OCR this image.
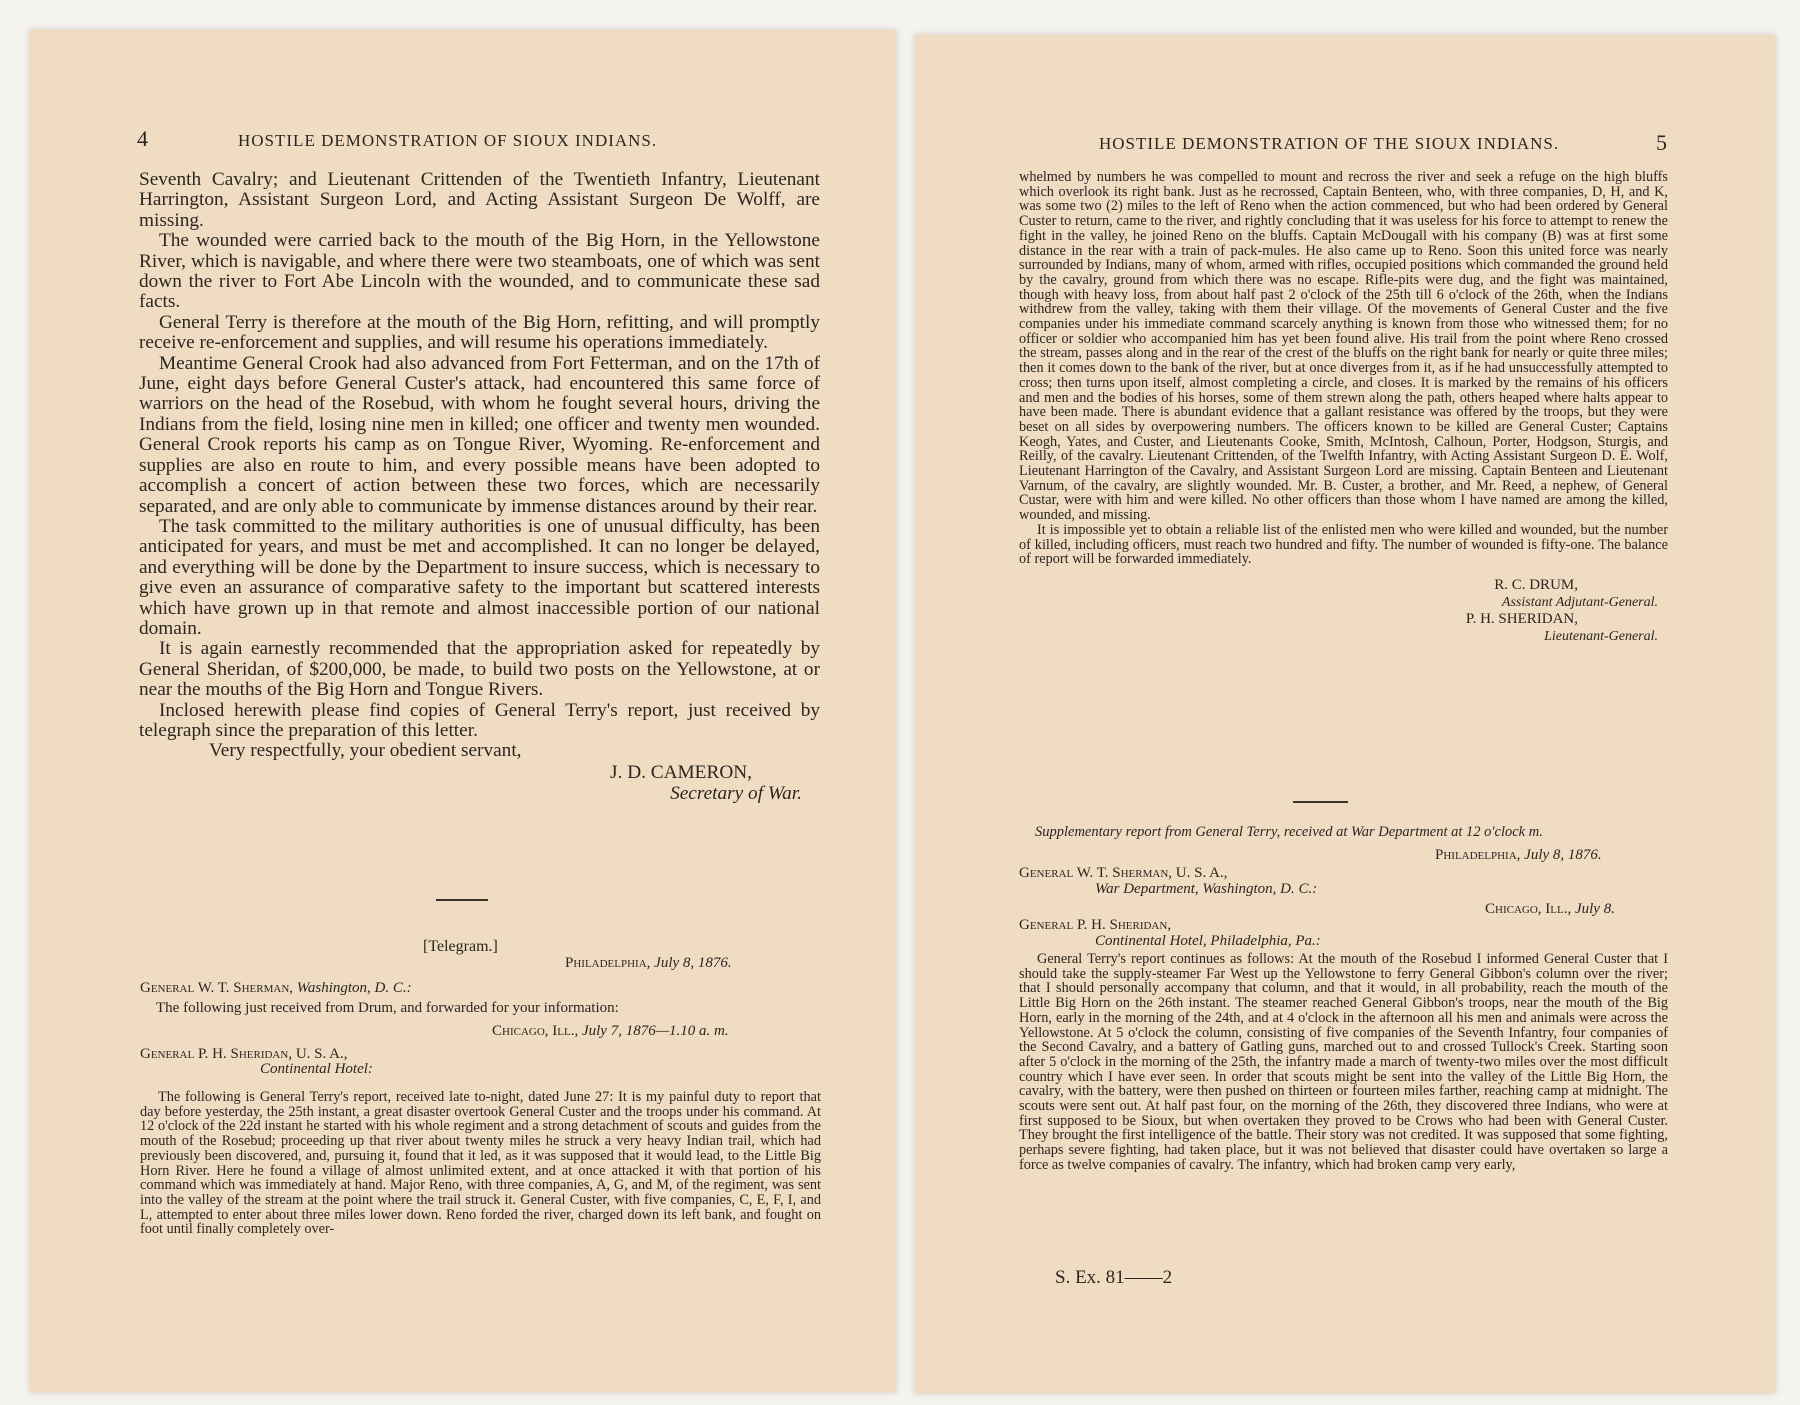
4	HOSTILE DEMONSTRATION OF SIOUX INDIANS.

Seventh Cavalry; and Lieutenant Crittenden of the Twentieth Infantry, Lieutenant Harrington, Assistant Surgeon Lord, and Acting Assistant Surgeon De Wolff, are missing.

The wounded were carried back to the mouth of the Big Horn, in the Yellowstone River, which is navigable, and where there were two steamboats, one of which was sent down the river to Fort Abe Lincoln with the wounded, and to communicate these sad facts.

General Terry is therefore at the mouth of the Big Horn, refitting, and will promptly receive re-enforcement and supplies, and will resume his operations immediately.

Meantime General Crook had also advanced from Fort Fetterman, and on the 17th of June, eight days before General Custer's attack, had encountered this same force of warriors on the head of the Rosebud, with whom he fought several hours, driving the Indians from the field, losing nine men in killed; one officer and twenty men wounded. General Crook reports his camp as on Tongue River, Wyoming. Re-enforcement and supplies are also en route to him, and every possible means have been adopted to accomplish a concert of action between these two forces, which are necessarily separated, and are only able to communicate by immense distances around by their rear.

The task committed to the military authorities is one of unusual difficulty, has been anticipated for years, and must be met and accomplished. It can no longer be delayed, and everything will be done by the Department to insure success, which is necessary to give even an assurance of comparative safety to the important but scattered interests which have grown up in that remote and almost inaccessible portion of our national domain.

It is again earnestly recommended that the appropriation asked for repeatedly by General Sheridan, of $200,000, be made, to build two posts on the Yellowstone, at or near the mouths of the Big Horn and Tongue Rivers.

Inclosed herewith please find copies of General Terry's report, just received by telegraph since the preparation of this letter.

Very respectfully, your obedient servant,

J. D. CAMERON,
Secretary of War.
[Telegram.]
Philadelphia, July 8, 1876.
General W. T. Sherman, Washington, D. C.:
The following just received from Drum, and forwarded for your information:
Chicago, Ill., July 7, 1876—1.10 a. m.
General P. H. Sheridan, U. S. A.,
Continental Hotel:

The following is General Terry's report, received late to-night, dated June 27: It is my painful duty to report that day before yesterday, the 25th instant, a great disaster overtook General Custer and the troops under his command. At 12 o'clock of the 22d instant he started with his whole regiment and a strong detachment of scouts and guides from the mouth of the Rosebud; proceeding up that river about twenty miles he struck a very heavy Indian trail, which had previously been discovered, and, pursuing it, found that it led, as it was supposed that it would lead, to the Little Big Horn River. Here he found a village of almost unlimited extent, and at once attacked it with that portion of his command which was immediately at hand. Major Reno, with three companies, A, G, and M, of the regiment, was sent into the valley of the stream at the point where the trail struck it. General Custer, with five companies, C, E, F, I, and L, attempted to enter about three miles lower down. Reno forded the river, charged down its left bank, and fought on foot until finally completely over-

HOSTILE DEMONSTRATION OF THE SIOUX INDIANS.	5

whelmed by numbers he was compelled to mount and recross the river and seek a refuge on the high bluffs which overlook its right bank. Just as he recrossed, Captain Benteen, who, with three companies, D, H, and K, was some two (2) miles to the left of Reno when the action commenced, but who had been ordered by General Custer to return, came to the river, and rightly concluding that it was useless for his force to attempt to renew the fight in the valley, he joined Reno on the bluffs. Captain McDougall with his company (B) was at first some distance in the rear with a train of pack-mules. He also came up to Reno. Soon this united force was nearly surrounded by Indians, many of whom, armed with rifles, occupied positions which commanded the ground held by the cavalry, ground from which there was no escape. Rifle-pits were dug, and the fight was maintained, though with heavy loss, from about half past 2 o'clock of the 25th till 6 o'clock of the 26th, when the Indians withdrew from the valley, taking with them their village. Of the movements of General Custer and the five companies under his immediate command scarcely anything is known from those who witnessed them; for no officer or soldier who accompanied him has yet been found alive. His trail from the point where Reno crossed the stream, passes along and in the rear of the crest of the bluffs on the right bank for nearly or quite three miles; then it comes down to the bank of the river, but at once diverges from it, as if he had unsuccessfully attempted to cross; then turns upon itself, almost completing a circle, and closes. It is marked by the remains of his officers and men and the bodies of his horses, some of them strewn along the path, others heaped where halts appear to have been made. There is abundant evidence that a gallant resistance was offered by the troops, but they were beset on all sides by overpowering numbers. The officers known to be killed are General Custer; Captains Keogh, Yates, and Custer, and Lieutenants Cooke, Smith, McIntosh, Calhoun, Porter, Hodgson, Sturgis, and Reilly, of the cavalry. Lieutenant Crittenden, of the Twelfth Infantry, with Acting Assistant Surgeon D. E. Wolf, Lieutenant Harrington of the Cavalry, and Assistant Surgeon Lord are missing. Captain Benteen and Lieutenant Varnum, of the cavalry, are slightly wounded. Mr. B. Custer, a brother, and Mr. Reed, a nephew, of General Custar, were with him and were killed. No other officers than those whom I have named are among the killed, wounded, and missing.

It is impossible yet to obtain a reliable list of the enlisted men who were killed and wounded, but the number of killed, including officers, must reach two hundred and fifty. The number of wounded is fifty-one. The balance of report will be forwarded immediately.

R. C. DRUM,
Assistant Adjutant-General.
P. H. SHERIDAN,
Lieutenant-General.
Supplementary report from General Terry, received at War Department at 12 o'clock m.
Philadelphia, July 8, 1876.
General W. T. Sherman, U. S. A.,
War Department, Washington, D. C.:
Chicago, Ill., July 8.
General P. H. Sheridan,
Continental Hotel, Philadelphia, Pa.:

General Terry's report continues as follows: At the mouth of the Rosebud I informed General Custer that I should take the supply-steamer Far West up the Yellowstone to ferry General Gibbon's column over the river; that I should personally accompany that column, and that it would, in all probability, reach the mouth of the Little Big Horn on the 26th instant. The steamer reached General Gibbon's troops, near the mouth of the Big Horn, early in the morning of the 24th, and at 4 o'clock in the afternoon all his men and animals were across the Yellowstone. At 5 o'clock the column, consisting of five companies of the Seventh Infantry, four companies of the Second Cavalry, and a battery of Gatling guns, marched out to and crossed Tullock's Creek. Starting soon after 5 o'clock in the morning of the 25th, the infantry made a march of twenty-two miles over the most difficult country which I have ever seen. In order that scouts might be sent into the valley of the Little Big Horn, the cavalry, with the battery, were then pushed on thirteen or fourteen miles farther, reaching camp at midnight. The scouts were sent out. At half past four, on the morning of the 26th, they discovered three Indians, who were at first supposed to be Sioux, but when overtaken they proved to be Crows who had been with General Custer. They brought the first intelligence of the battle. Their story was not credited. It was supposed that some fighting, perhaps severe fighting, had taken place, but it was not believed that disaster could have overtaken so large a force as twelve companies of cavalry. The infantry, which had broken camp very early,

S. Ex. 81——2
